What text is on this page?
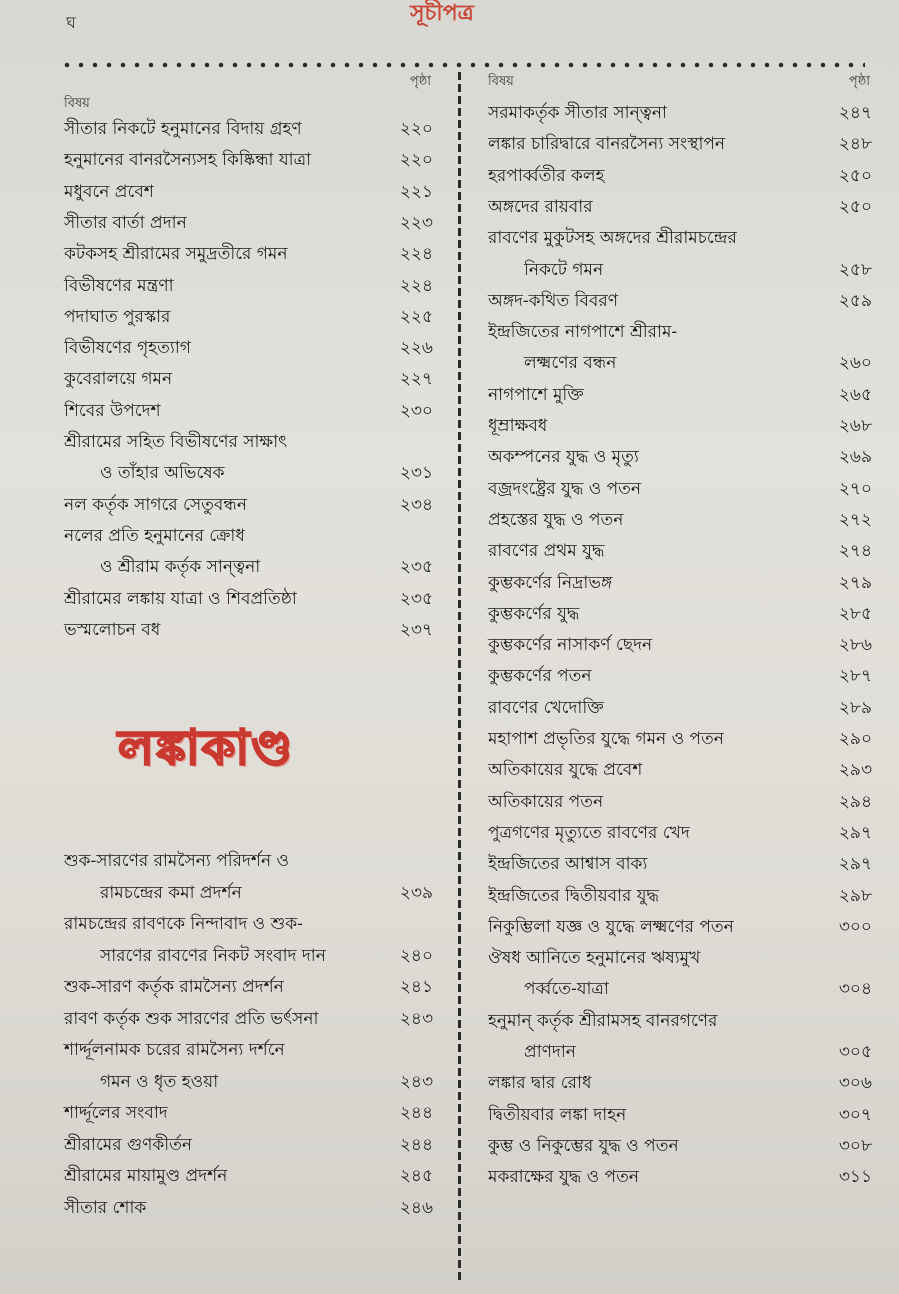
সূচীপত্র
ঘ
বিষয়
পৃষ্ঠা
সীতার নিকটে হনুমানের বিদায় গ্রহণ	২২০
হনুমানের বানরসৈন্যসহ কিষ্কিন্ধা যাত্রা	২২০
মধুবনে প্রবেশ	২২১
সীতার বার্তা প্রদান	২২৩
কটকসহ শ্রীরামের সমুদ্রতীরে গমন	২২৪
বিভীষণের মন্ত্রণা	২২৪
পদাঘাত পুরস্কার	২২৫
বিভীষণের গৃহত্যাগ	২২৬
কুবেরালয়ে গমন	২২৭
শিবের উপদেশ	২৩০
শ্রীরামের সহিত বিভীষণের সাক্ষাৎ
ও তাঁহার অভিষেক	২৩১
নল কর্তৃক সাগরে সেতুবন্ধন	২৩৪
নলের প্রতি হনুমানের ক্রোধ
ও শ্রীরাম কর্তৃক সান্ত্বনা	২৩৫
শ্রীরামের লঙ্কায় যাত্রা ও শিবপ্রতিষ্ঠা	২৩৫
ভস্মলোচন বধ	২৩৭
শুক-সারণের রামসৈন্য পরিদর্শন ও
রামচন্দ্রের কমা প্রদর্শন	২৩৯
রামচন্দ্রের রাবণকে নিন্দাবাদ ও শুক-
সারণের রাবণের নিকট সংবাদ দান	২৪০
শুক-সারণ কর্তৃক রামসৈন্য প্রদর্শন	২৪১
রাবণ কর্তৃক শুক সারণের প্রতি ভর্ৎসনা	২৪৩
শার্দ্দূলনামক চরের রামসৈন্য দর্শনে
গমন ও ধৃত হওয়া	২৪৩
শার্দ্দূলের সংবাদ	২৪৪
শ্রীরামের গুণকীর্তন	২৪৪
শ্রীরামের মায়ামুণ্ড প্রদর্শন	২৪৫
সীতার শোক	২৪৬
বিষয়	পৃষ্ঠা
সরমাকর্তৃক সীতার সান্ত্বনা	২৪৭
লঙ্কার চারিদ্বারে বানরসৈন্য সংস্থাপন	২৪৮
হরপার্ব্বতীর কলহ	২৫০
অঙ্গদের রায়বার	২৫০
রাবণের মুকুটসহ অঙ্গদের শ্রীরামচন্দ্রের
নিকটে গমন	২৫৮
অঙ্গদ-কথিত বিবরণ	২৫৯
ইন্দ্রজিতের নাগপাশে শ্রীরাম-
লক্ষ্মণের বন্ধন	২৬০
নাগপাশে মুক্তি	২৬৫
ধূম্রাক্ষবধ	২৬৮
অকম্পনের যুদ্ধ ও মৃত্যু	২৬৯
বজ্রদংষ্ট্রের যুদ্ধ ও পতন	২৭০
প্রহস্তের যুদ্ধ ও পতন	২৭২
রাবণের প্রথম যুদ্ধ	২৭৪
কুম্ভকর্ণের নিদ্রাভঙ্গ	২৭৯
কুম্ভকর্ণের যুদ্ধ	২৮৫
কুম্ভকর্ণের নাসাকর্ণ ছেদন	২৮৬
কুম্ভকর্ণের পতন	২৮৭
রাবণের খেদোক্তি	২৮৯
মহাপাশ প্রভৃতির যুদ্ধে গমন ও পতন	২৯০
অতিকায়ের যুদ্ধে প্রবেশ	২৯৩
অতিকায়ের পতন	২৯৪
পুত্রগণের মৃত্যুতে রাবণের খেদ	২৯৭
ইন্দ্রজিতের আশ্বাস বাক্য	২৯৭
ইন্দ্রজিতের দ্বিতীয়বার যুদ্ধ	২৯৮
নিকুম্ভিলা যজ্ঞ ও যুদ্ধে লক্ষ্মণের পতন	৩০০
ঔষধ আনিতে হনুমানের ঋষ্যমুখ
পর্ব্বতে-যাত্রা	৩০৪
হনুমান্ কর্তৃক শ্রীরামসহ বানরগণের
প্রাণদান	৩০৫
লঙ্কার দ্বার রোধ	৩০৬
দ্বিতীয়বার লঙ্কা দাহন	৩০৭
কুম্ভ ও নিকুম্ভের যুদ্ধ ও পতন	৩০৮
মকরাক্ষের যুদ্ধ ও পতন	৩১১
লঙ্কাকাণ্ড
